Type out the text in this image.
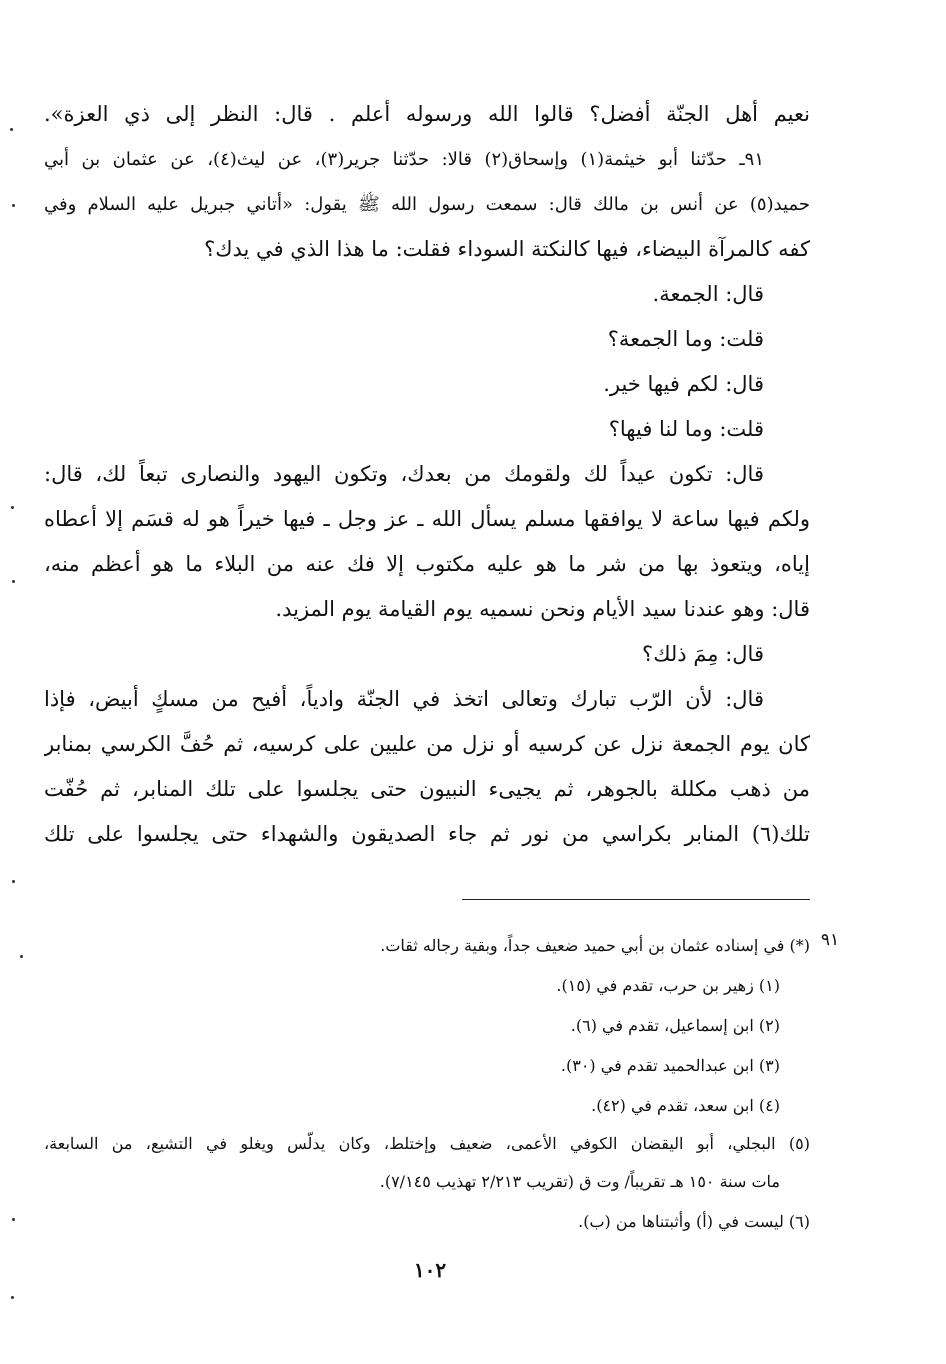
نعيم أهل الجنّة أفضل؟ قالوا الله ورسوله أعلم . قال: النظر إلى ذي العزة».
٩١ـ حدّثنا أبو خيثمة(١) وإسحاق(٢) قالا: حدّثنا جرير(٣)، عن ليث(٤)، عن عثمان بن أبي
حميد(٥) عن أنس بن مالك قال: سمعت رسول الله ﷺ يقول: «أتاني جبريل عليه السلام وفي
كفه كالمرآة البيضاء، فيها كالنكتة السوداء فقلت: ما هذا الذي في يدك؟
قال: الجمعة.
قلت: وما الجمعة؟
قال: لكم فيها خير.
قلت: وما لنا فيها؟
قال: تكون عيداً لك ولقومك من بعدك، وتكون اليهود والنصارى تبعاً لك، قال:
ولكم فيها ساعة لا يوافقها مسلم يسأل الله ـ عز وجل ـ فيها خيراً هو له قسَم إلا أعطاه
إياه، ويتعوذ بها من شر ما هو عليه مكتوب إلا فك عنه من البلاء ما هو أعظم منه،
قال: وهو عندنا سيد الأيام ونحن نسميه يوم القيامة يوم المزيد.
قال: مِمَ ذلك؟
قال: لأن الرّب تبارك وتعالى اتخذ في الجنّة وادياً، أفيح من مسكٍ أبيض، فإذا
كان يوم الجمعة نزل عن كرسيه أو نزل من عليين على كرسيه، ثم حُفَّ الكرسي بمنابر
من ذهب مكللة بالجوهر، ثم يجيىء النبيون حتى يجلسوا على تلك المنابر، ثم حُفّت
تلك(٦) المنابر بكراسي من نور ثم جاء الصديقون والشهداء حتى يجلسوا على تلك
٩١
(*) في إسناده عثمان بن أبي حميد ضعيف جداً، وبقية رجاله ثقات.
(١) زهير بن حرب، تقدم في (١٥).
(٢) ابن إسماعيل، تقدم في (٦).
(٣) ابن عبدالحميد تقدم في (٣٠).
(٤) ابن سعد، تقدم في (٤٢).
(٥) البجلي، أبو اليقضان الكوفي الأعمى، ضعيف وإختلط، وكان يدلّس ويغلو في التشيع، من السابعة،
مات سنة ١٥٠ هـ تقريباً/ وت ق (تقريب ٢/٢١٣ تهذيب ٧/١٤٥).
(٦) ليست في (أ) وأثبتناها من (ب).
١٠٢
